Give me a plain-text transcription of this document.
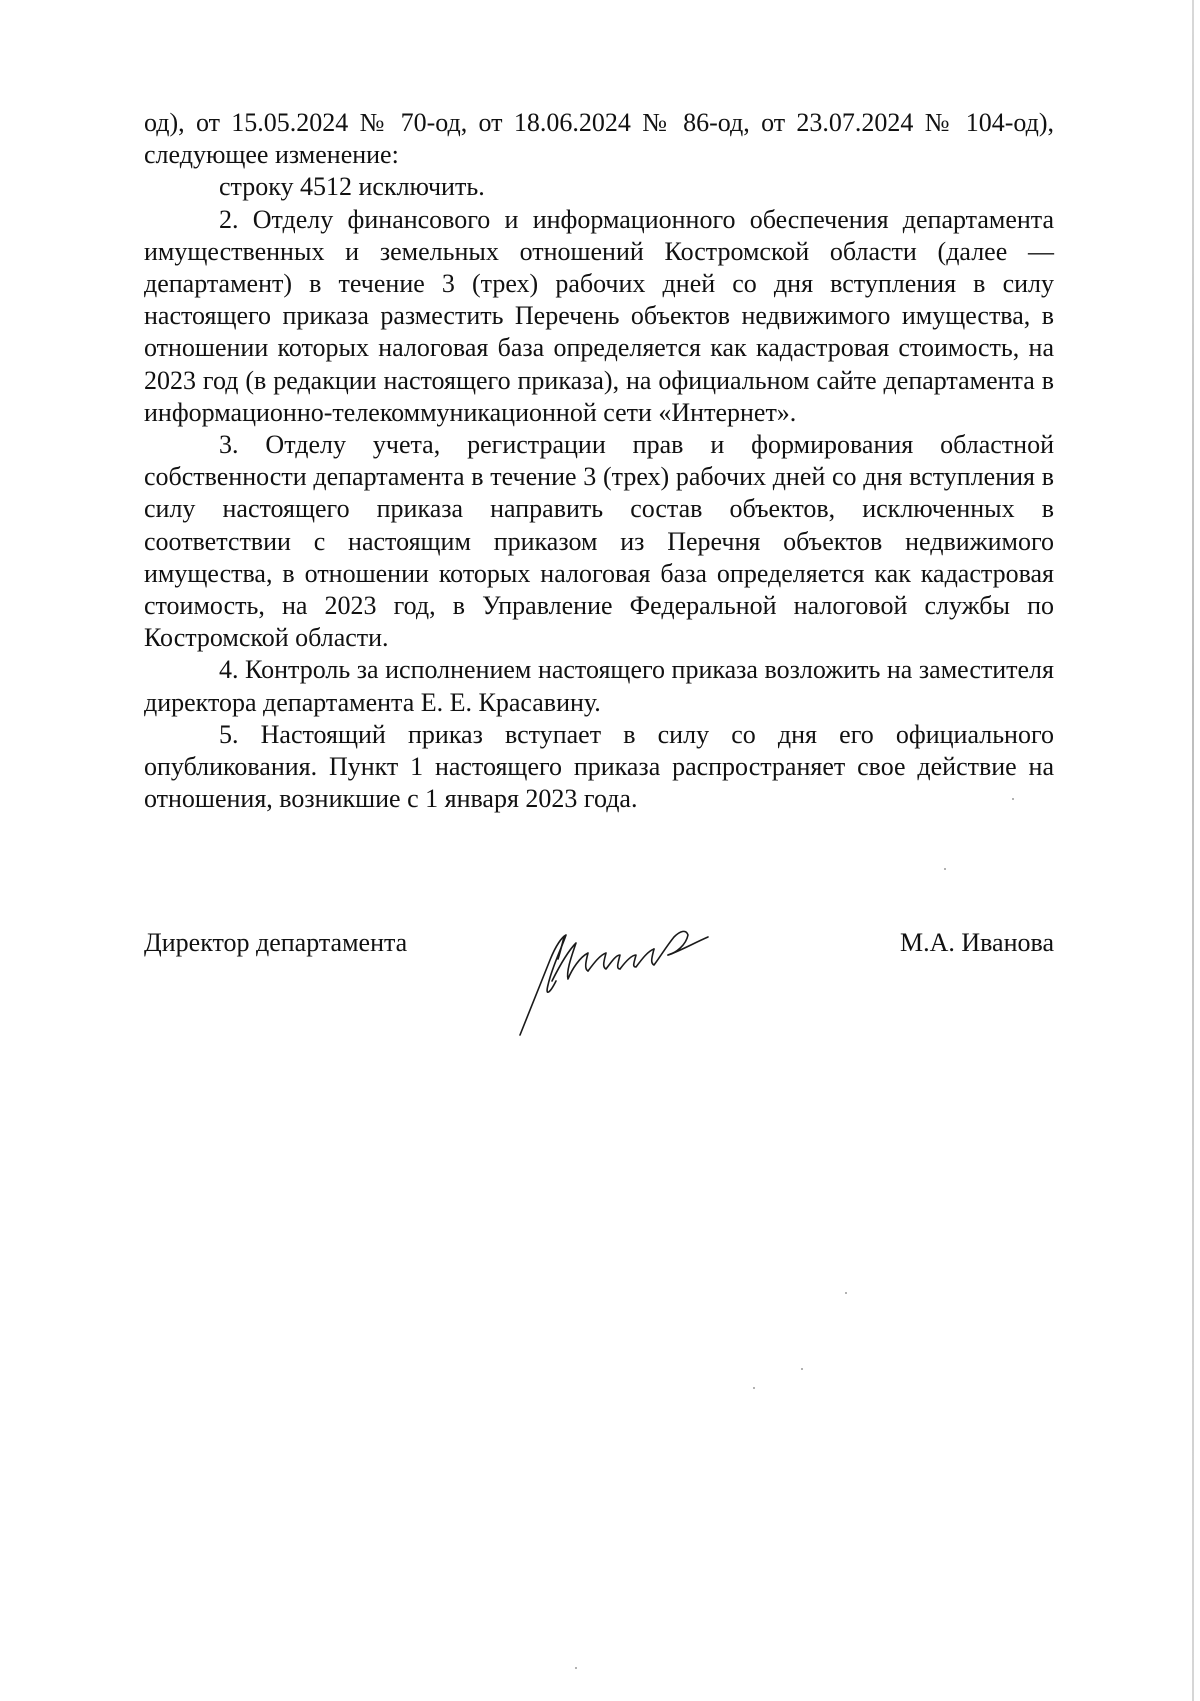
од), от 15.05.2024 № 70-од, от 18.06.2024 № 86-од, от 23.07.2024 № 104-од), следующее изменение:

строку 4512 исключить.

2. Отделу финансового и информационного обеспечения департамента имущественных и земельных отношений Костромской области (далее — департамент) в течение 3 (трех) рабочих дней со дня вступления в силу настоящего приказа разместить Перечень объектов недвижимого имущества, в отношении которых налоговая база определяется как кадастровая стоимость, на 2023 год (в редакции настоящего приказа), на официальном сайте департамента в информационно-телекоммуникационной сети «Интернет».

3. Отделу учета, регистрации прав и формирования областной собственности департамента в течение 3 (трех) рабочих дней со дня вступления в силу настоящего приказа направить состав объектов, исключенных в соответствии с настоящим приказом из Перечня объектов недвижимого имущества, в отношении которых налоговая база определяется как кадастровая стоимость, на 2023 год, в Управление Федеральной налоговой службы по Костромской области.

4. Контроль за исполнением настоящего приказа возложить на заместителя директора департамента Е. Е. Красавину.

5. Настоящий приказ вступает в силу со дня его официального опубликования. Пункт 1 настоящего приказа распространяет свое действие на отношения, возникшие с 1 января 2023 года.

Директор департамента	М.А. Иванова
